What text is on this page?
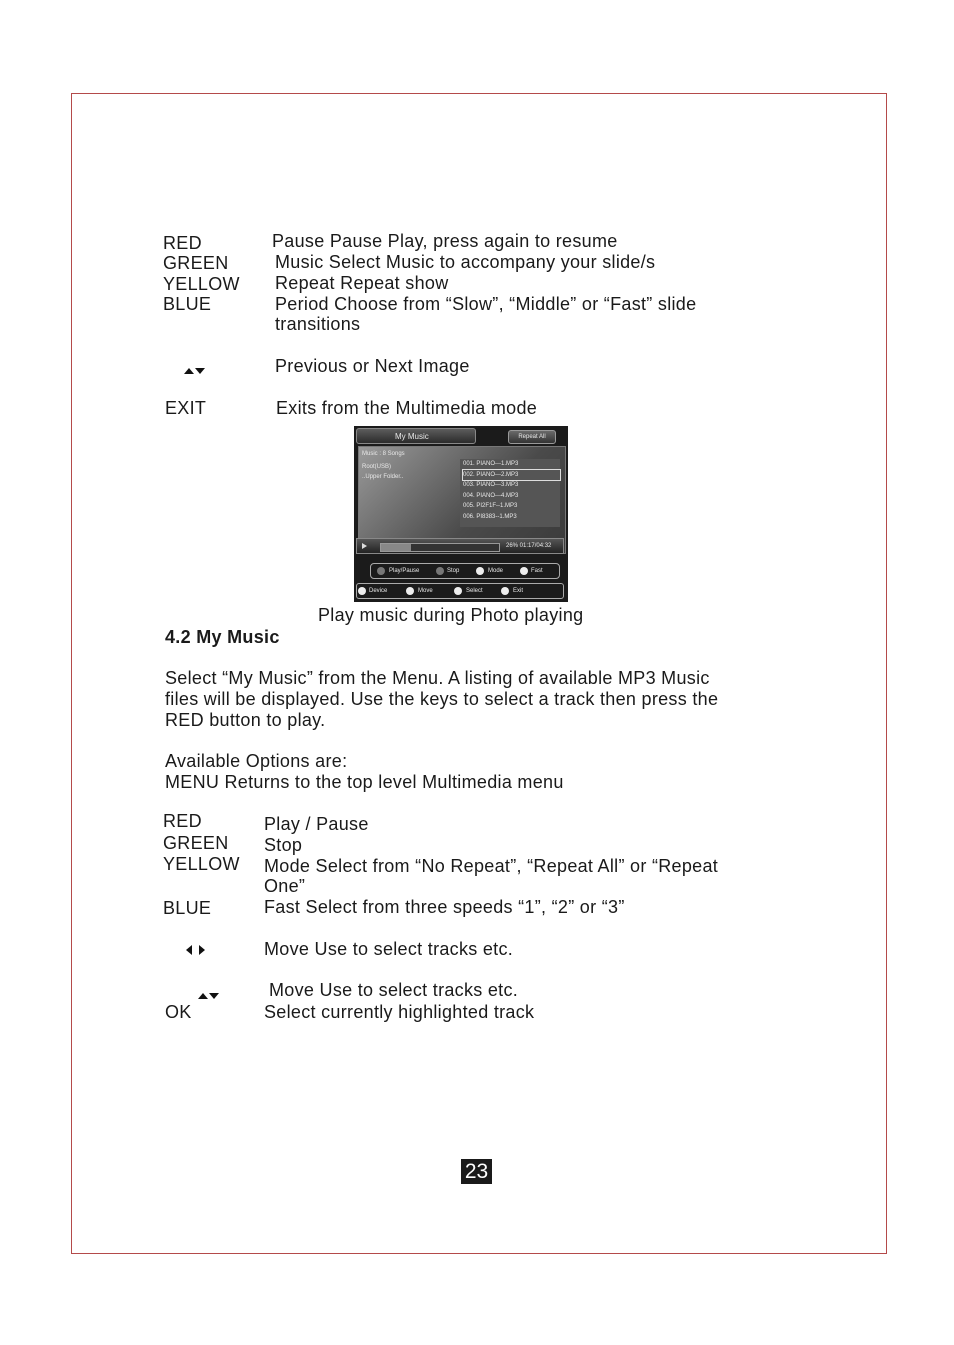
RED	Pause Pause Play, press again to resume
GREEN	Music Select Music to accompany your slide/s
YELLOW Repeat Repeat show
BLUE	Period Choose from “Slow”, “Middle” or “Fast” slide
transitions
Previous or Next Image
EXIT	Exits from the Multimedia mode
My Music	Repeat All
Music : 8 Songs
Root(USB)
..Upper Folder..
001. PIANO---1.MP3
002. PIANO---2.MP3
003. PIANO---3.MP3
004. PIANO---4.MP3
005. PI2F1F--1.MP3
006. PI8383--1.MP3
26% 01:17/04:32
Play/Pause	Stop	Mode	Fast
Device	Move	Select	Exit
Play music during Photo playing
4.2 My Music
Select “My Music” from the Menu. A listing of available MP3 Music
files will be displayed. Use the keys to select a track then press the
RED button to play.
Available Options are:
MENU Returns to the top level Multimedia menu
RED	Play / Pause
GREEN Stop
YELLOW Mode Select from “No Repeat”, “Repeat All” or “Repeat
One”
BLUE	Fast Select from three speeds “1”, “2” or “3”
Move Use to select tracks etc.
Move Use to select tracks etc.
OK	Select currently highlighted track
23
